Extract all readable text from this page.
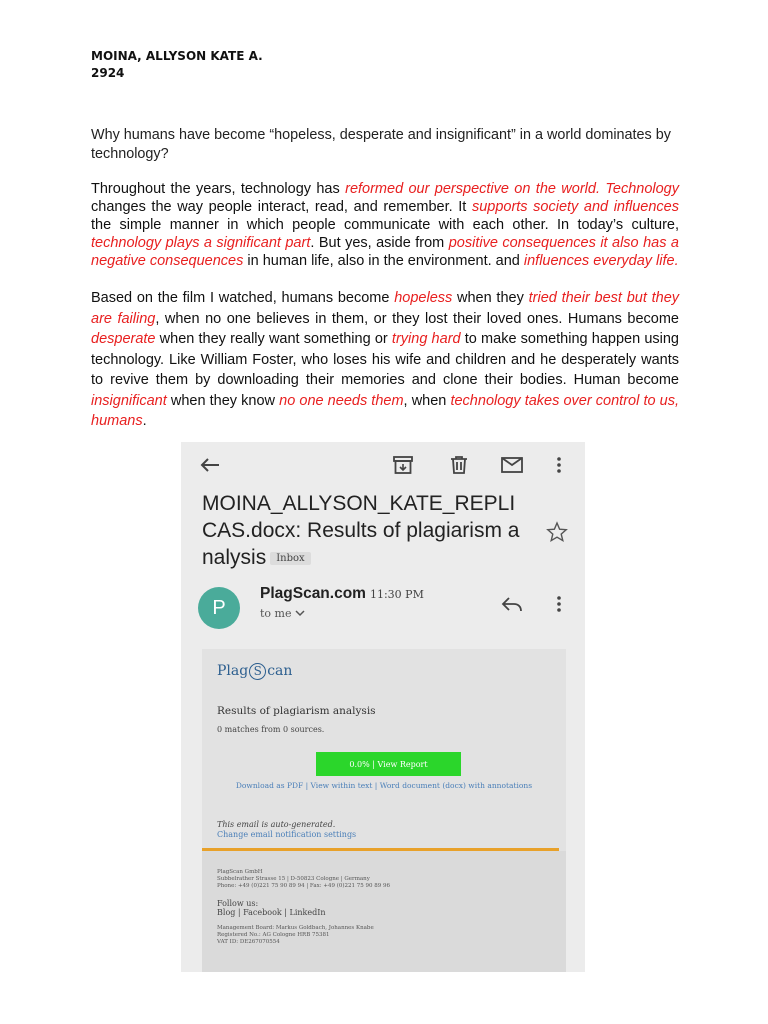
MOINA, ALLYSON KATE A.
2924
Why humans have become “hopeless, desperate and insignificant” in a world dominates by technology?
Throughout the years, technology has reformed our perspective on the world. Technology changes the way people interact, read, and remember. It supports society and influences the simple manner in which people communicate with each other. In today’s culture, technology plays a significant part. But yes, aside from positive consequences it also has a negative consequences in human life, also in the environment. and influences everyday life.
Based on the film I watched, humans become hopeless when they tried their best but they are failing, when no one believes in them, or they lost their loved ones. Humans become desperate when they really want something or trying hard to make something happen using technology. Like William Foster, who loses his wife and children and he desperately wants to revive them by downloading their memories and clone their bodies. Human become insignificant when they know no one needs them, when technology takes over control to us, humans.
MOINA_ALLYSON_KATE_REPLICAS.docx: Results of plagiarism analysis Inbox
P
PlagScan.com 11:30 PM
to me
Plag S can
Results of plagiarism analysis
0 matches from 0 sources.
0.0% | View Report
Download as PDF | View within text | Word document (docx) with annotations
This email is auto-generated.
Change email notification settings
PlagScan GmbH
Subbelrather Strasse 15 | D-50823 Cologne | Germany
Phone: +49 (0)221 75 90 89 94 | Fax: +49 (0)221 75 90 89 96
Follow us:
Blog | Facebook | LinkedIn
Management Board: Markus Goldbach, Johannes Knabe
Registered No.: AG Cologne HRB 75381
VAT ID: DE267070554
